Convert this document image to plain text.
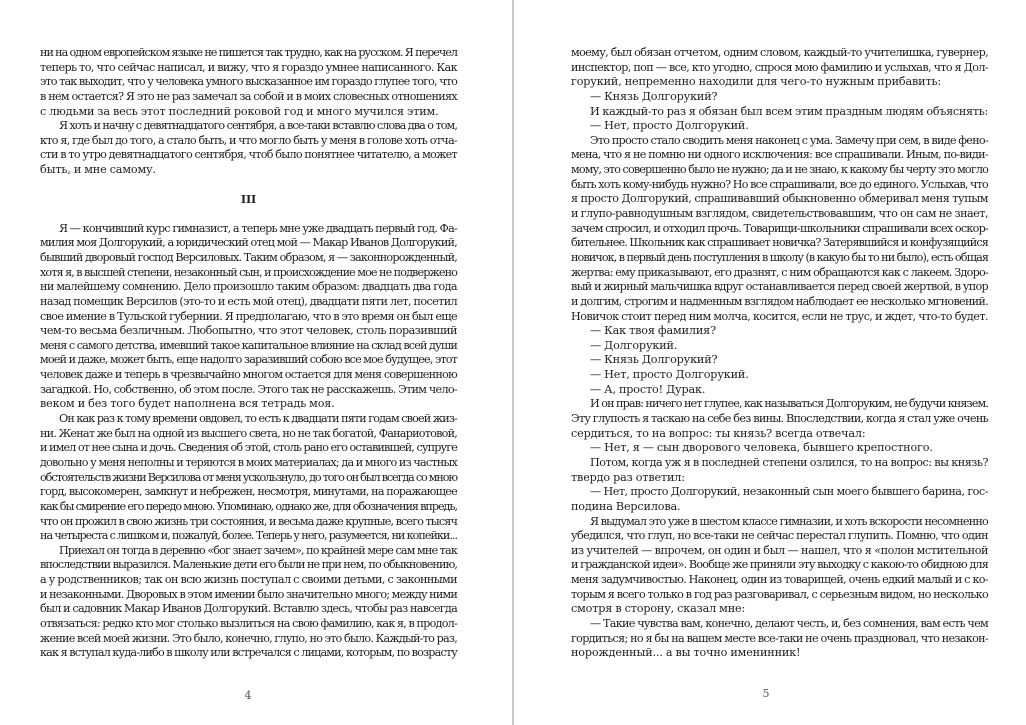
ни на одном европейском языке не пишется так трудно, как на русском. Я перечел
теперь то, что сейчас написал, и вижу, что я гораздо умнее написанного. Как
это так выходит, что у человека умного высказанное им гораздо глупее того, что
в нем остается? Я это не раз замечал за собой и в моих словесных отношениях
с людьми за весь этот последний роковой год и много мучился этим.
Я хоть и начну с девятнадцатого сентября, а все-таки вставлю слова два о том,
кто я, где был до того, а стало быть, и что могло быть у меня в голове хоть отча-
сти в то утро девятнадцатого сентября, чтоб было понятнее читателю, а может
быть, и мне самому.
III
Я — кончивший курс гимназист, а теперь мне уже двадцать первый год. Фа-
милия моя Долгорукий, а юридический отец мой — Макар Иванов Долгорукий,
бывший дворовый господ Версиловых. Таким образом, я — законнорожденный,
хотя я, в высшей степени, незаконный сын, и происхождение мое не подвержено
ни малейшему сомнению. Дело произошло таким образом: двадцать два года
назад помещик Версилов (это-то и есть мой отец), двадцати пяти лет, посетил
свое имение в Тульской губернии. Я предполагаю, что в это время он был еще
чем-то весьма безличным. Любопытно, что этот человек, столь поразивший
меня с самого детства, имевший такое капитальное влияние на склад всей души
моей и даже, может быть, еще надолго заразивший собою все мое будущее, этот
человек даже и теперь в чрезвычайно многом остается для меня совершенною
загадкой. Но, собственно, об этом после. Этого так не расскажешь. Этим чело-
веком и без того будет наполнена вся тетрадь моя.
Он как раз к тому времени овдовел, то есть к двадцати пяти годам своей жиз-
ни. Женат же был на одной из высшего света, но не так богатой, Фанариотовой,
и имел от нее сына и дочь. Сведения об этой, столь рано его оставившей, супруге
довольно у меня неполны и теряются в моих материалах; да и много из частных
обстоятельств жизни Версилова от меня ускользнуло, до того он был всегда со мною
горд, высокомерен, замкнут и небрежен, несмотря, минутами, на поражающее
как бы смирение его передо мною. Упоминаю, однако же, для обозначения впредь,
что он прожил в свою жизнь три состояния, и весьма даже крупные, всего тысяч
на четыреста с лишком и, пожалуй, более. Теперь у него, разумеется, ни копейки...
Приехал он тогда в деревню «бог знает зачем», по крайней мере сам мне так
впоследствии выразился. Маленькие дети его были не при нем, по обыкновению,
а у родственников; так он всю жизнь поступал с своими детьми, с законными
и незаконными. Дворовых в этом имении было значительно много; между ними
был и садовник Макар Иванов Долгорукий. Вставлю здесь, чтобы раз навсегда
отвязаться: редко кто мог столько вызлиться на свою фамилию, как я, в продол-
жение всей моей жизни. Это было, конечно, глупо, но это было. Каждый-то раз,
как я вступал куда-либо в школу или встречался с лицами, которым, по возрасту
4
моему, был обязан отчетом, одним словом, каждый-то учителишка, гувернер,
инспектор, поп — все, кто угодно, спрося мою фамилию и услыхав, что я Дол-
горукий, непременно находили для чего-то нужным прибавить:
— Князь Долгорукий?
И каждый-то раз я обязан был всем этим праздным людям объяснять:
— Нет, просто Долгорукий.
Это просто стало сводить меня наконец с ума. Замечу при сем, в виде фено-
мена, что я не помню ни одного исключения: все спрашивали. Иным, по-види-
мому, это совершенно было не нужно; да и не знаю, к какому бы черту это могло
быть хоть кому-нибудь нужно? Но все спрашивали, все до единого. Услыхав, что
я просто Долгорукий, спрашивавший обыкновенно обмеривал меня тупым
и глупо-равнодушным взглядом, свидетельствовавшим, что он сам не знает,
зачем спросил, и отходил прочь. Товарищи-школьники спрашивали всех оскор-
бительнее. Школьник как спрашивает новичка? Затерявшийся и конфузящийся
новичок, в первый день поступления в школу (в какую бы то ни было), есть общая
жертва: ему приказывают, его дразнят, с ним обращаются как с лакеем. Здоро-
вый и жирный мальчишка вдруг останавливается перед своей жертвой, в упор
и долгим, строгим и надменным взглядом наблюдает ее несколько мгновений.
Новичок стоит перед ним молча, косится, если не трус, и ждет, что-то будет.
— Как твоя фамилия?
— Долгорукий.
— Князь Долгорукий?
— Нет, просто Долгорукий.
— А, просто! Дурак.
И он прав: ничего нет глупее, как называться Долгоруким, не будучи князем.
Эту глупость я таскаю на себе без вины. Впоследствии, когда я стал уже очень
сердиться, то на вопрос: ты князь? всегда отвечал:
— Нет, я — сын дворового человека, бывшего крепостного.
Потом, когда уж я в последней степени озлился, то на вопрос: вы князь?
твердо раз ответил:
— Нет, просто Долгорукий, незаконный сын моего бывшего барина, гос-
подина Версилова.
Я выдумал это уже в шестом классе гимназии, и хоть вскорости несомненно
убедился, что глуп, но все-таки не сейчас перестал глупить. Помню, что один
из учителей — впрочем, он один и был — нашел, что я «полон мстительной
и гражданской идеи». Вообще же приняли эту выходку с какою-то обидною для
меня задумчивостью. Наконец, один из товарищей, очень едкий малый и с ко-
торым я всего только в год раз разговаривал, с серьезным видом, но несколько
смотря в сторону, сказал мне:
— Такие чувства вам, конечно, делают честь, и, без сомнения, вам есть чем
гордиться; но я бы на вашем месте все-таки не очень праздновал, что незакон-
норожденный... а вы точно именинник!
5
